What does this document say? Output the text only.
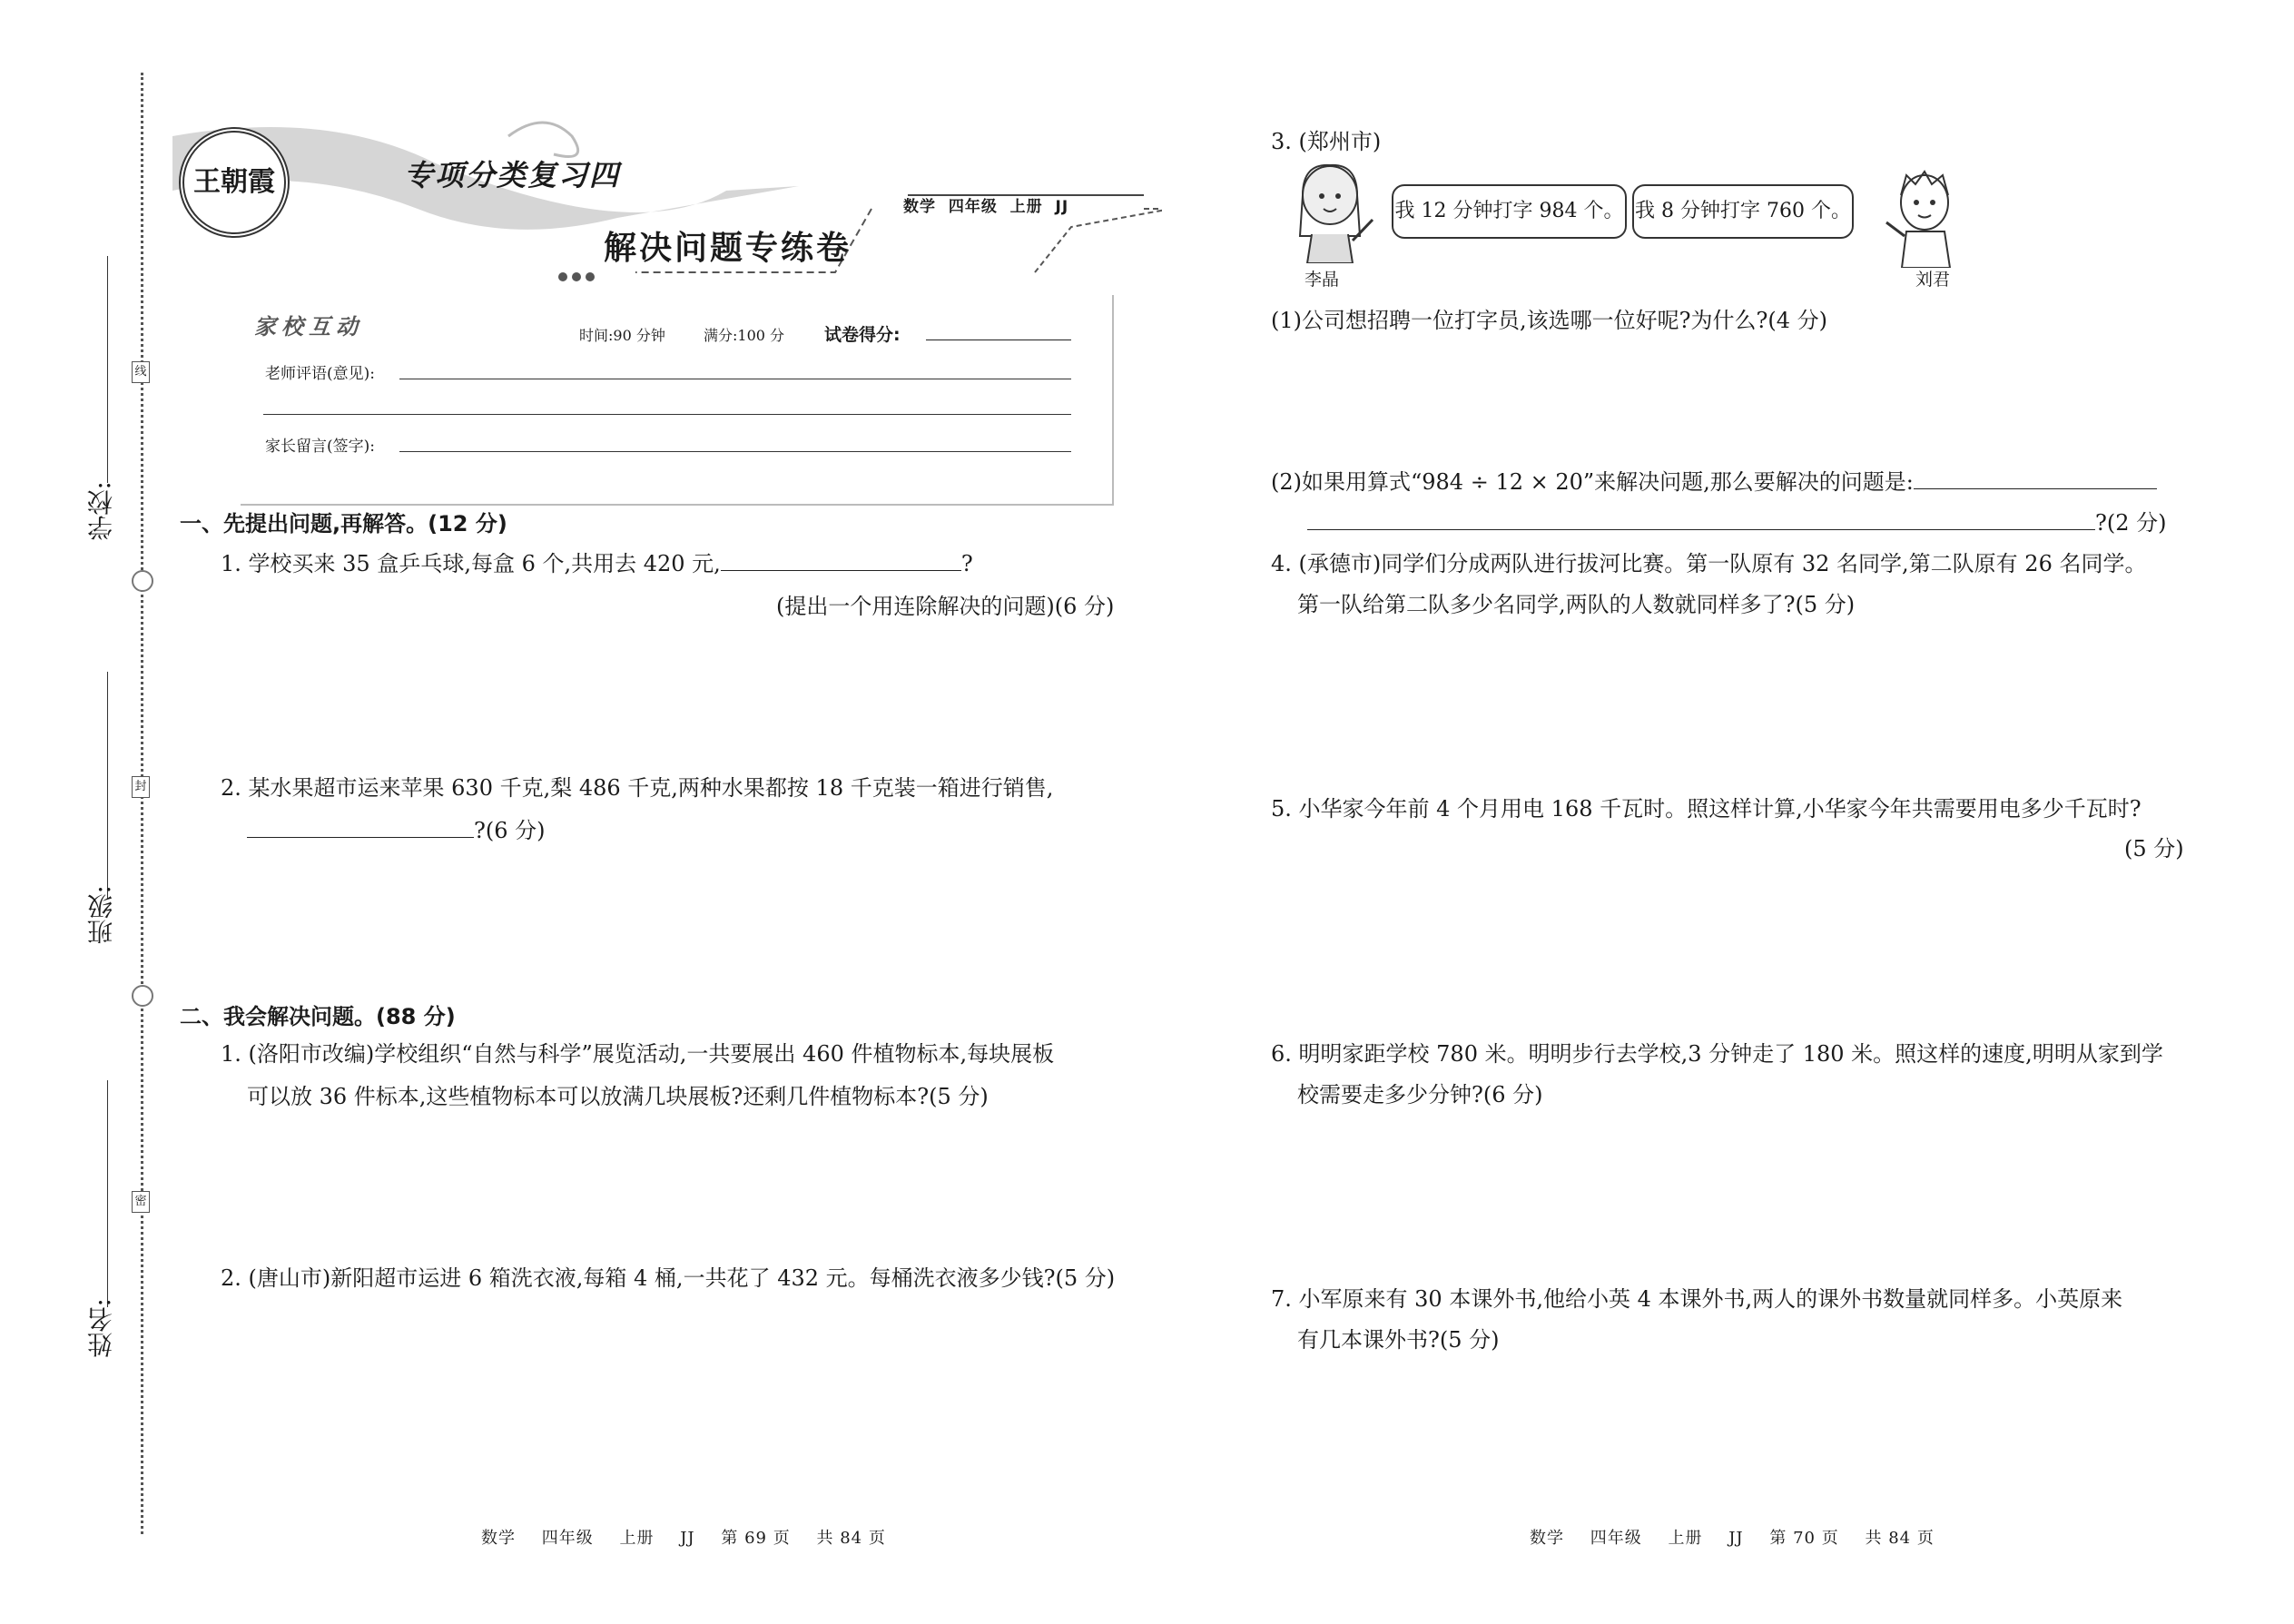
学校:
班级:
姓名:
线
封
密
王朝霞	专项分类复习四
解决问题专练卷
数学  四年级  上册  JJ
家校互动	时间:90 分钟	满分:100 分 试卷得分:
老师评语(意见):
家长留言(签字):
一、先提出问题,再解答。(12 分)
1. 学校买来 35 盒乒乓球,每盒 6 个,共用去 420 元,	?
(提出一个用连除解决的问题)(6 分)
2. 某水果超市运来苹果 630 千克,梨 486 千克,两种水果都按 18 千克装一箱进行销售,
?(6 分)
二、我会解决问题。(88 分)
1. (洛阳市改编)学校组织“自然与科学”展览活动,一共要展出 460 件植物标本,每块展板
可以放 36 件标本,这些植物标本可以放满几块展板?还剩几件植物标本?(5 分)
2. (唐山市)新阳超市运进 6 箱洗衣液,每箱 4 桶,一共花了 432 元。每桶洗衣液多少钱?(5 分)
数学 四年级 上册 JJ 第 69 页 共 84 页
3. (郑州市)
李晶
我 12 分钟打字 984 个。 我 8 分钟打字 760 个。
刘君
(1)公司想招聘一位打字员,该选哪一位好呢?为什么?(4 分)
(2)如果用算式“984 ÷ 12 × 20”来解决问题,那么要解决的问题是:
?(2 分)
4. (承德市)同学们分成两队进行拔河比赛。第一队原有 32 名同学,第二队原有 26 名同学。
第一队给第二队多少名同学,两队的人数就同样多了?(5 分)
5. 小华家今年前 4 个月用电 168 千瓦时。照这样计算,小华家今年共需要用电多少千瓦时?
(5 分)
6. 明明家距学校 780 米。明明步行去学校,3 分钟走了 180 米。照这样的速度,明明从家到学
校需要走多少分钟?(6 分)
7. 小军原来有 30 本课外书,他给小英 4 本课外书,两人的课外书数量就同样多。小英原来
有几本课外书?(5 分)
数学 四年级 上册 JJ 第 70 页 共 84 页
